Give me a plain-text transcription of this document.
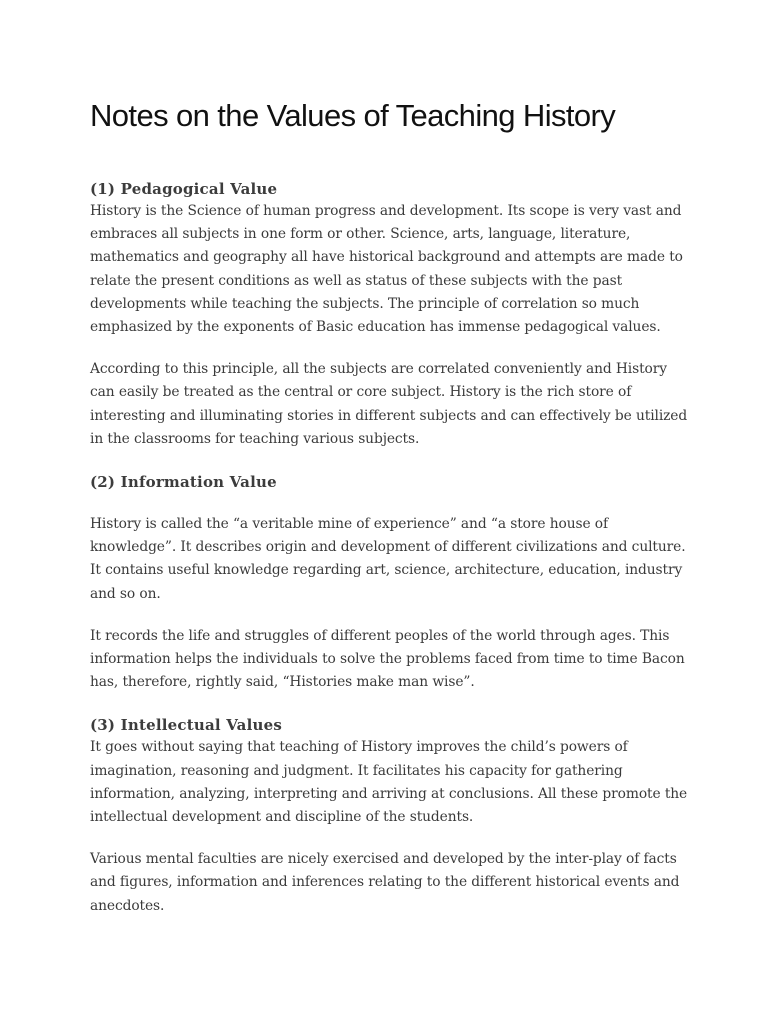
Notes on the Values of Teaching History
(1) Pedagogical Value

History is the Science of human progress and development. Its scope is very vast and embraces all subjects in one form or other. Science, arts, language, literature, mathematics and geography all have historical background and attempts are made to relate the present conditions as well as status of these subjects with the past developments while teaching the subjects. The principle of correlation so much emphasized by the exponents of Basic education has immense pedagogical values.

According to this principle, all the subjects are correlated conveniently and History can easily be treated as the central or core subject. History is the rich store of interesting and illuminating stories in different subjects and can effectively be utilized in the classrooms for teaching various subjects.

(2) Information Value

History is called the “a veritable mine of experience” and “a store house of knowledge”. It describes origin and development of different civilizations and culture. It contains useful knowledge regarding art, science, architecture, education, industry and so on.

It records the life and struggles of different peoples of the world through ages. This information helps the individuals to solve the problems faced from time to time Bacon has, therefore, rightly said, “Histories make man wise”.

(3) Intellectual Values

It goes without saying that teaching of History improves the child’s powers of imagination, reasoning and judgment. It facilitates his capacity for gathering information, analyzing, interpreting and arriving at conclusions. All these promote the intellectual development and discipline of the students.

Various mental faculties are nicely exercised and developed by the inter-play of facts and figures, information and inferences relating to the different historical events and anecdotes.
